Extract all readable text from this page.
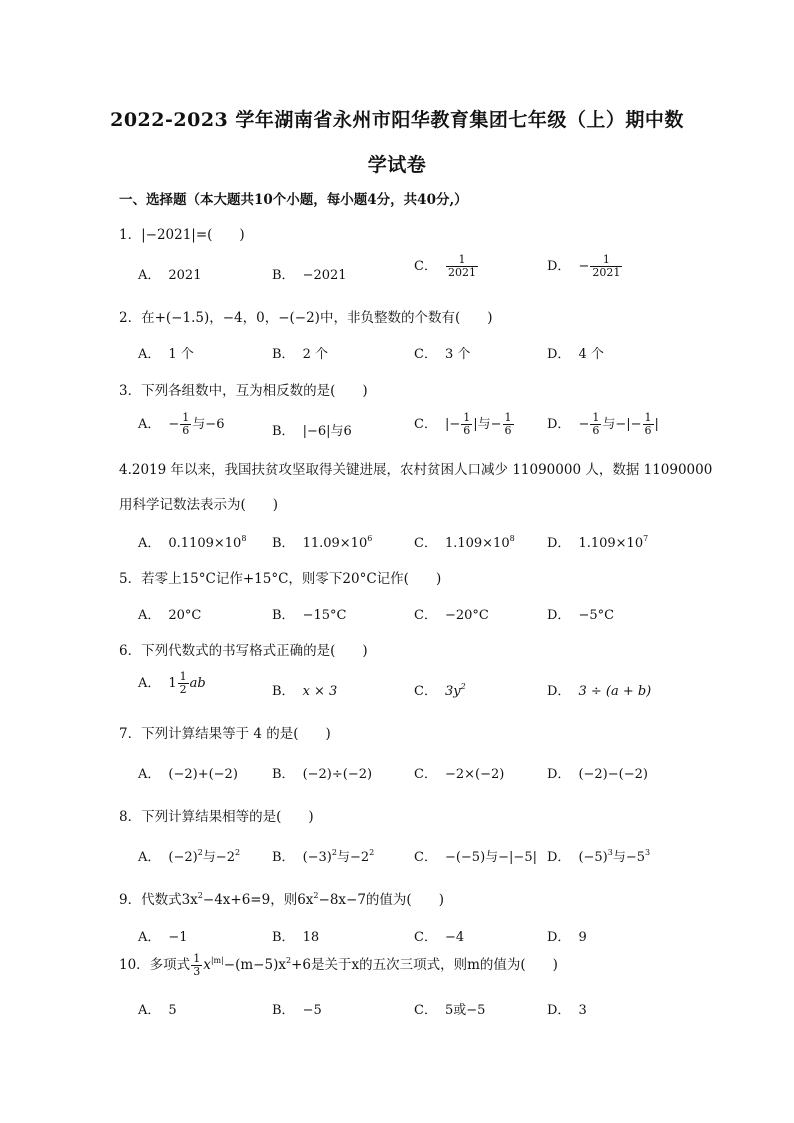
2022-2023 学年湖南省永州市阳华教育集团七年级（上）期中数
学试卷
一、选择题（本大题共10个小题，每小题4分，共40分,）
1．|−2021|=(　　)
A． 2021	B． −2021
C． $\frac{1}{2021}$	D． − $\frac{1}{2021}$
2．在+(−1.5)，−4，0，−(−2)中，非负整数的个数有(　　)
A． 1 个	B． 2 个	C． 3 个	D． 4 个
3．下列各组数中，互为相反数的是(　　)
A． − $\frac{1}{6}$ 与−6	B． |−6|与6	C． |− $\frac{1}{6}$ |与− $\frac{1}{6}$	D． − $\frac{1}{6}$ 与−|− $\frac{1}{6}$ |
4.2019 年以来，我国扶贫攻坚取得关键进展，农村贫困人口减少 11090000 人，数据 11090000
用科学记数法表示为(　　)
A． $0.1109\times 10^8$ B． $11.09\times 10^6$	C． $1.109\times 10^8$ D． $1.109\times 10^7$
5．若零上15°C记作+15°C，则零下20°C记作(　　)
A． 20°C	B． −15°C	C． −20°C	D． −5°C
6．下列代数式的书写格式正确的是(　　)
A． $1 \frac{1}{2}$ ab
B． x × 3	C． $3y^2$	D． 3 ÷ (a + b)
7．下列计算结果等于 4 的是(　　)
A． (−2)+(−2)	B． (−2)÷(−2)	C． −2×(−2)	D． (−2)−(−2)
8．下列计算结果相等的是(　　)
A． $(-2)^2$与$-2^2$ B． $(-3)^2$与$-2^2$	C． −(−5)与−|−5| D． $(-5)^3$与$-5^3$
9．代数式$3x^2-4x+6=9$，则$6x^2-8x-7$的值为(　　)
A． −1	B． 18	C． −4	D． 9
10．多项式 $\frac{1}{3} x^{|m|}-(m-5)x^2+6$是关于x的五次三项式，则m的值为(　　)
A． 5	B． −5	C． 5或−5	D． 3
